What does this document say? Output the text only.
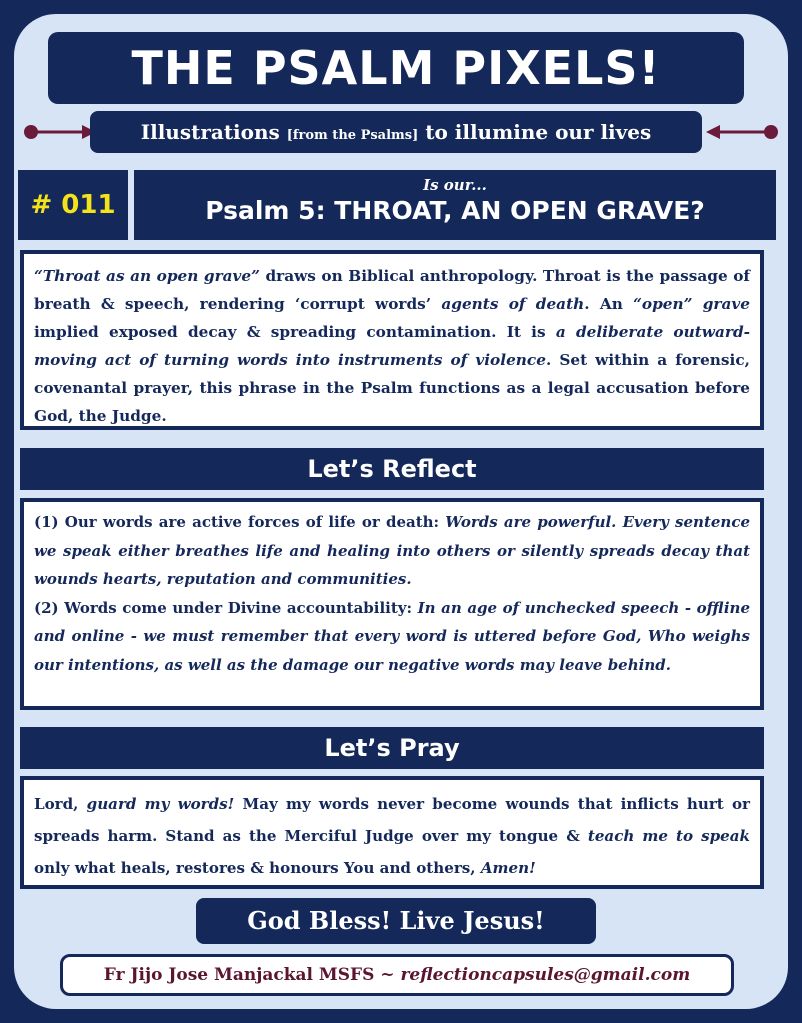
THE PSALM PIXELS!
Illustrations [from the Psalms] to illumine our lives
# 011
Is our...
Psalm 5: THROAT, AN OPEN GRAVE?

“Throat as an open grave” draws on Biblical anthropology. Throat is the passage of breath & speech, rendering ‘corrupt words’ agents of death. An “open” grave implied exposed decay & spreading contamination. It is a deliberate outward-moving act of turning words into instruments of violence. Set within a forensic, covenantal prayer, this phrase in the Psalm functions as a legal accusation before God, the Judge.

Let’s Reflect

(1) Our words are active forces of life or death: Words are powerful. Every sentence we speak either breathes life and healing into others or silently spreads decay that wounds hearts, reputation and communities.

(2) Words come under Divine accountability: In an age of unchecked speech - offline and online - we must remember that every word is uttered before God, Who weighs our intentions, as well as the damage our negative words may leave behind.

Let’s Pray

Lord, guard my words! May my words never become wounds that inflicts hurt or spreads harm. Stand as the Merciful Judge over my tongue & teach me to speak only what heals, restores & honours You and others, Amen!

God Bless! Live Jesus!
Fr Jijo Jose Manjackal MSFS ~ reflectioncapsules@gmail.com
